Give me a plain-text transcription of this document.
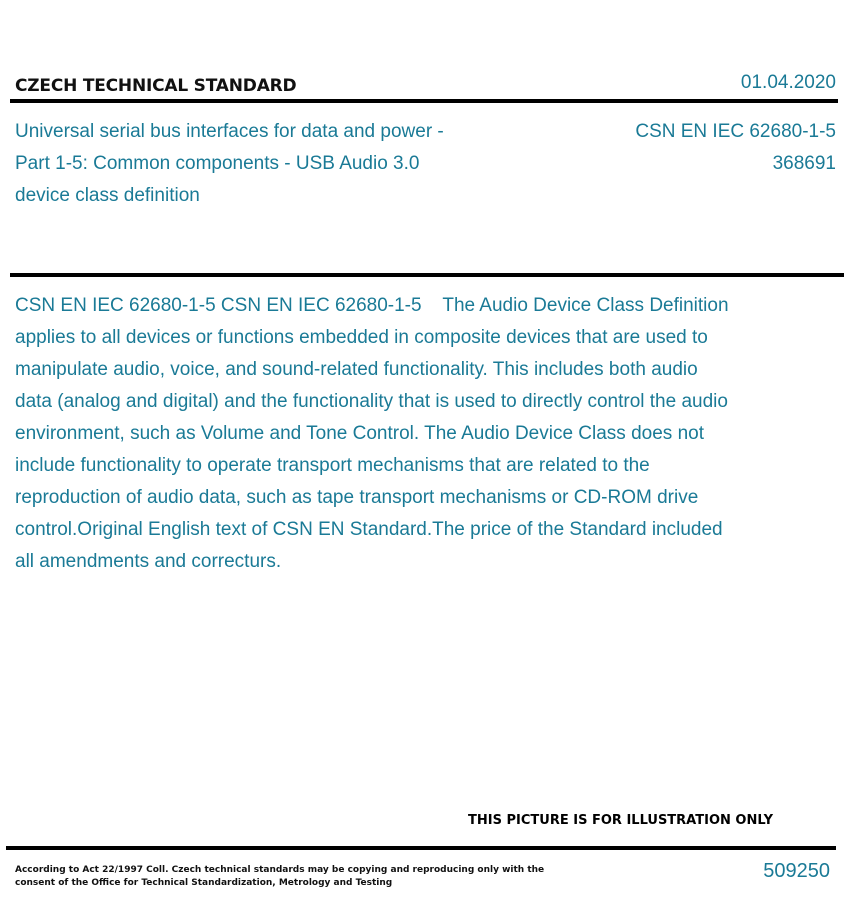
CZECH TECHNICAL STANDARD	01.04.2020
Universal serial bus interfaces for data and power - Part 1-5: Common components - USB Audio 3.0 device class definition
CSN EN IEC 62680-1-5
368691
CSN EN IEC 62680-1-5 CSN EN IEC 62680-1-5    The Audio Device Class Definition applies to all devices or functions embedded in composite devices that are used to manipulate audio, voice, and sound-related functionality. This includes both audio data (analog and digital) and the functionality that is used to directly control the audio environment, such as Volume and Tone Control. The Audio Device Class does not include functionality to operate transport mechanisms that are related to the reproduction of audio data, such as tape transport mechanisms or CD-ROM drive control.Original English text of CSN EN Standard.The price of the Standard included all amendments and correcturs.
THIS PICTURE IS FOR ILLUSTRATION ONLY
According to Act 22/1997 Coll. Czech technical standards may be copying and reproducing only with the consent of the Office for Technical Standardization, Metrology and Testing
509250
